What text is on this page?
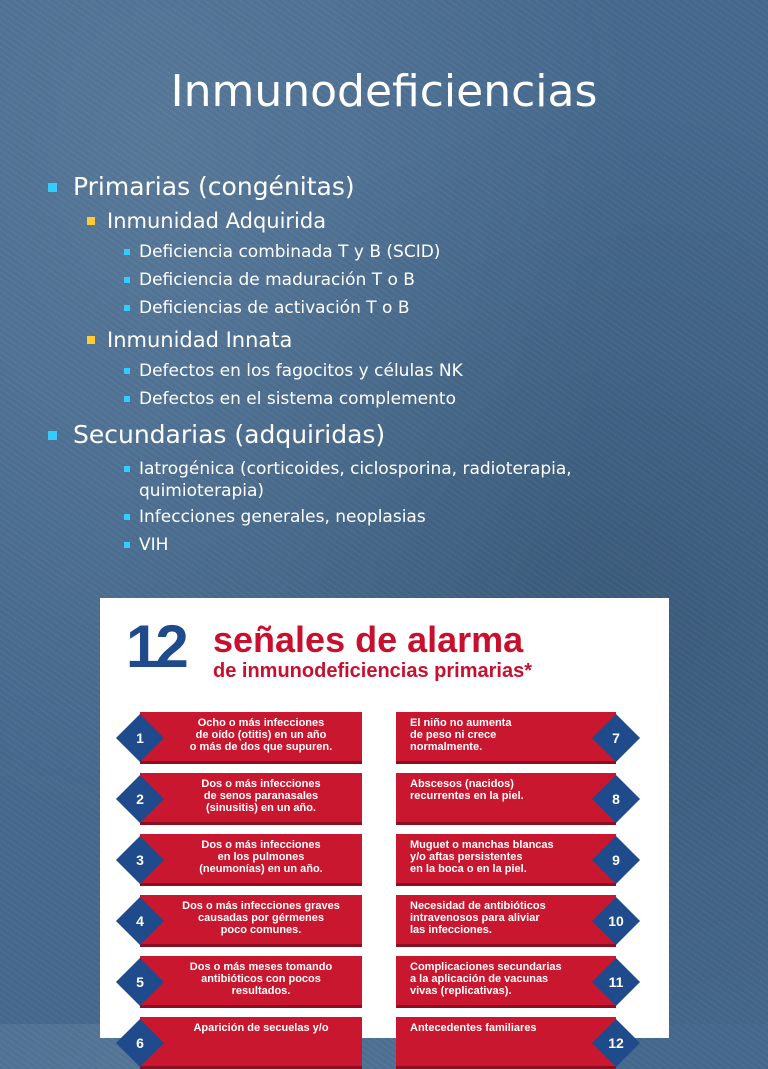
Inmunodeficiencias
Primarias (congénitas)
Inmunidad Adquirida
Deficiencia combinada T y B (SCID)
Deficiencia de maduración T o B
Deficiencias de activación T o B
Inmunidad Innata
Defectos en los fagocitos y células NK
Defectos en el sistema complemento
Secundarias (adquiridas)
Iatrogénica (corticoides, ciclosporina, radioterapia,
quimioterapia)
Infecciones generales, neoplasias
VIH
12 señales de alarma
de inmunodeficiencias primarias*
Ocho o más infecciones
de oído (otitis) en un año
o más de dos que supuren.
1
Dos o más infecciones
de senos paranasales
(sinusitis) en un año.
2
Dos o más infecciones
en los pulmones
(neumonías) en un año.
3
Dos o más infecciones graves
causadas por gérmenes
poco comunes.
4
Dos o más meses tomando
antibióticos con pocos
resultados.
5
Aparición de secuelas y/o
6
El niño no aumenta
de peso ni crece
normalmente.
7
Abscesos (nacidos)
recurrentes en la piel.	8
Muguet o manchas blancas
y/o aftas persistentes
en la boca o en la piel.
9
Necesidad de antibióticos
intravenosos para aliviar
las infecciones.
10
Complicaciones secundarias
a la aplicación de vacunas
vivas (replicativas).
11
Antecedentes familiares
12
